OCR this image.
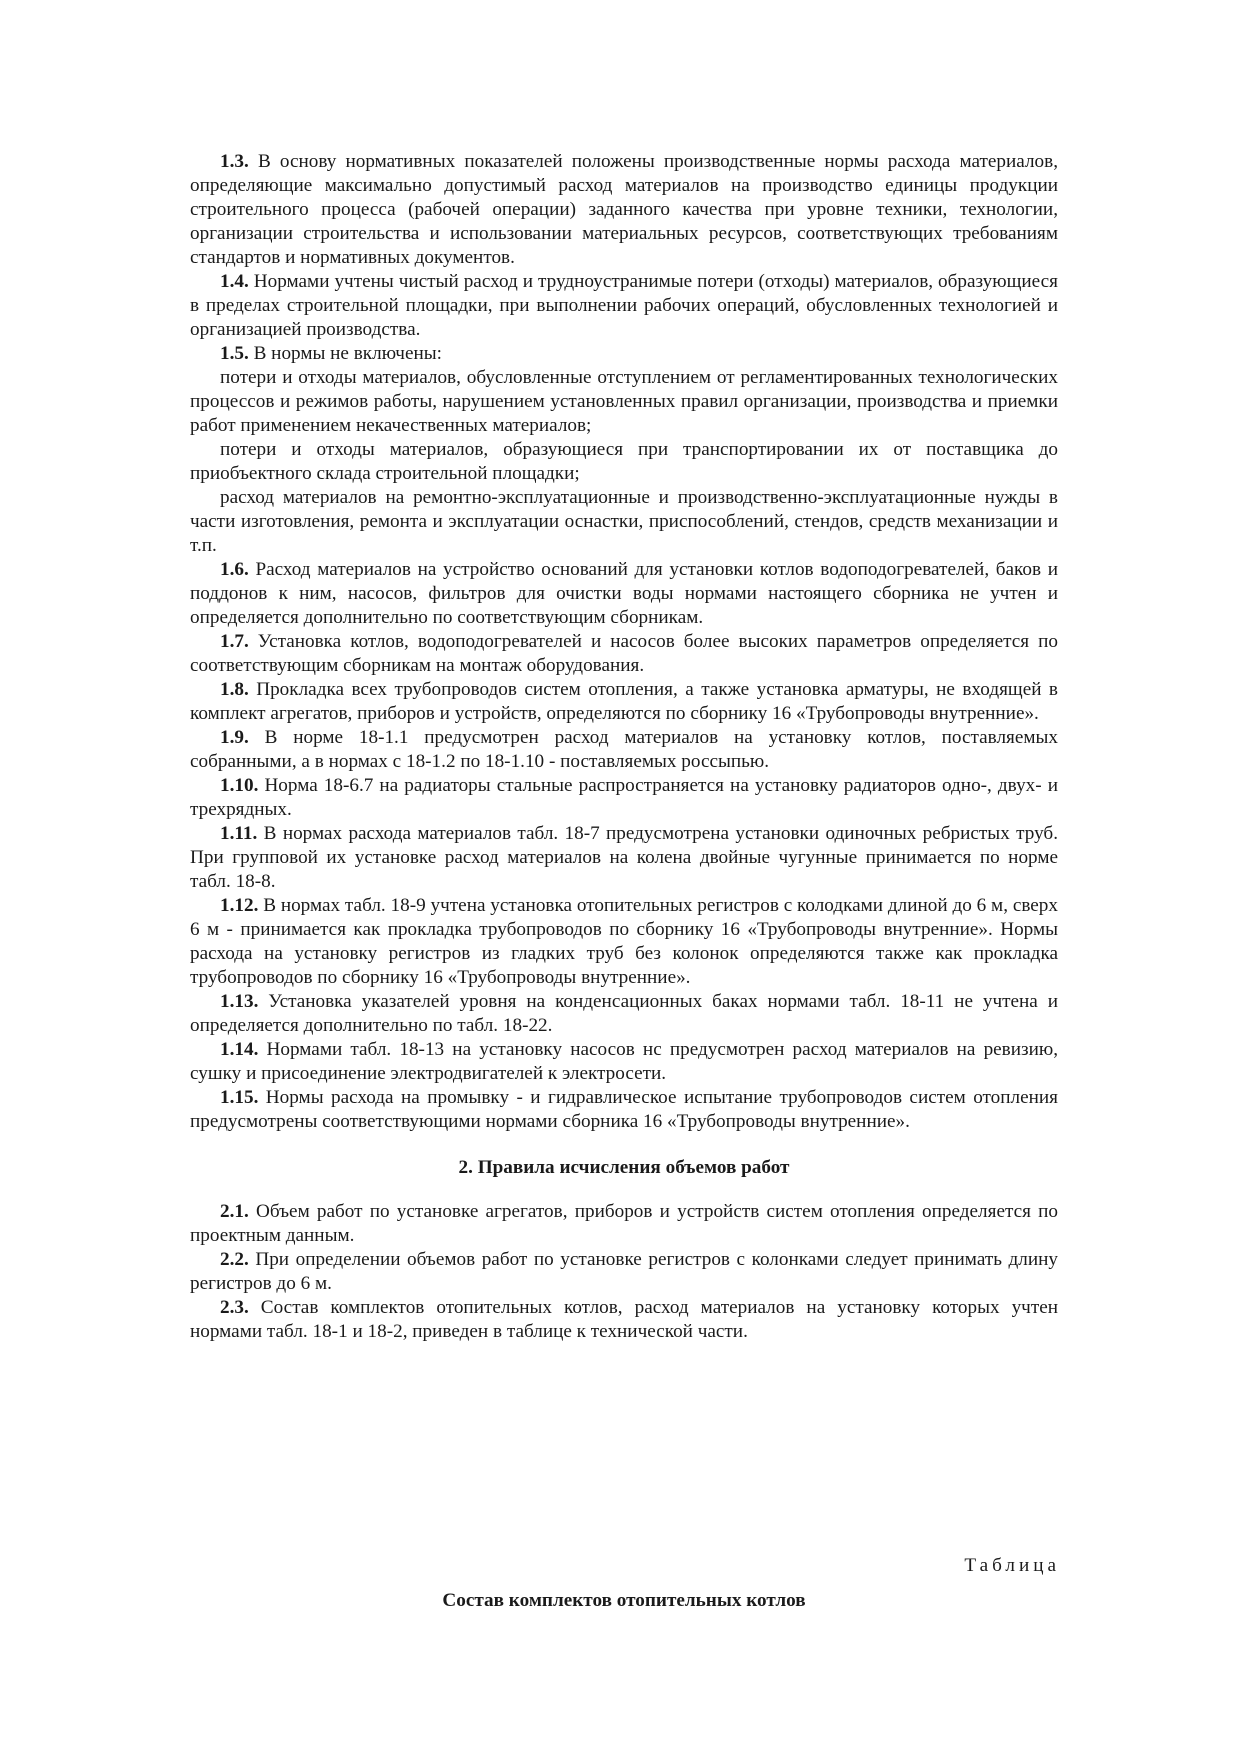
1.3. В основу нормативных показателей положены производственные нормы расхода материалов, определяющие максимально допустимый расход материалов на производство единицы продукции строительного процесса (рабочей операции) заданного качества при уровне техники, технологии, организации строительства и использовании материальных ресурсов, соответствующих требованиям стандартов и нормативных документов.

1.4. Нормами учтены чистый расход и трудноустранимые потери (отходы) материалов, образующиеся в пределах строительной площадки, при выполнении рабочих операций, обусловленных технологией и организацией производства.

1.5. В нормы не включены:

потери и отходы материалов, обусловленные отступлением от регламентированных технологических процессов и режимов работы, нарушением установленных правил организации, производства и приемки работ применением некачественных материалов;

потери и отходы материалов, образующиеся при транспортировании их от поставщика до приобъектного склада строительной площадки;

расход материалов на ремонтно-эксплуатационные и производственно-эксплуатационные нужды в части изготовления, ремонта и эксплуатации оснастки, приспособлений, стендов, средств механизации и т.п.

1.6. Расход материалов на устройство оснований для установки котлов водоподогревателей, баков и поддонов к ним, насосов, фильтров для очистки воды нормами настоящего сборника не учтен и определяется дополнительно по соответствующим сборникам.

1.7. Установка котлов, водоподогревателей и насосов более высоких параметров определяется по соответствующим сборникам на монтаж оборудования.

1.8. Прокладка всех трубопроводов систем отопления, а также установка арматуры, не входящей в комплект агрегатов, приборов и устройств, определяются по сборнику 16 «Трубопроводы внутренние».

1.9. В норме 18-1.1 предусмотрен расход материалов на установку котлов, поставляемых собранными, а в нормах с 18-1.2 по 18-1.10 - поставляемых россыпью.

1.10. Норма 18-6.7 на радиаторы стальные распространяется на установку радиаторов одно-, двух- и трехрядных.

1.11. В нормах расхода материалов табл. 18-7 предусмотрена установки одиночных ребристых труб. При групповой их установке расход материалов на колена двойные чугунные принимается по норме табл. 18-8.

1.12. В нормах табл. 18-9 учтена установка отопительных регистров с колодками длиной до 6 м, сверх 6 м - принимается как прокладка трубопроводов по сборнику 16 «Трубопроводы внутренние». Нормы расхода на установку регистров из гладких труб без колонок определяются также как прокладка трубопроводов по сборнику 16 «Трубопроводы внутренние».

1.13. Установка указателей уровня на конденсационных баках нормами табл. 18-11 не учтена и определяется дополнительно по табл. 18-22.

1.14. Нормами табл. 18-13 на установку насосов нс предусмотрен расход материалов на ревизию, сушку и присоединение электродвигателей к электросети.

1.15. Нормы расхода на промывку - и гидравлическое испытание трубопроводов систем отопления предусмотрены соответствующими нормами сборника 16 «Трубопроводы внутренние».

2. Правила исчисления объемов работ

2.1. Объем работ по установке агрегатов, приборов и устройств систем отопления определяется по проектным данным.

2.2. При определении объемов работ по установке регистров с колонками следует принимать длину регистров до 6 м.

2.3. Состав комплектов отопительных котлов, расход материалов на установку которых учтен нормами табл. 18-1 и 18-2, приведен в таблице к технической части.

Таблица
Состав комплектов отопительных котлов
